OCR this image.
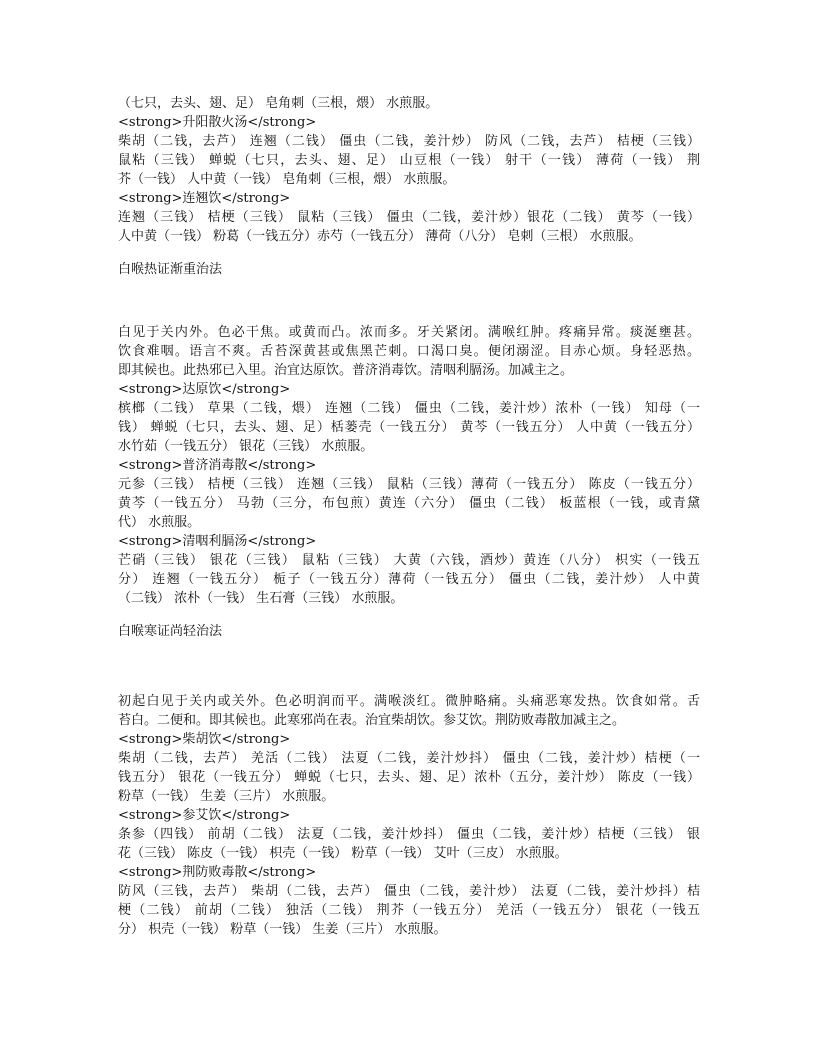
（七只，去头、翅、足） 皂角刺（三根，煨） 水煎服。
<strong>升阳散火汤</strong>
柴胡（二钱，去芦） 连翘（二钱） 僵虫（二钱，姜汁炒） 防风（二钱，去芦） 桔梗（三钱）
鼠粘（三钱） 蝉蜕（七只，去头、翅、足） 山豆根（一钱） 射干（一钱） 薄荷（一钱） 荆
芥（一钱） 人中黄（一钱） 皂角刺（三根，煨） 水煎服。
<strong>连翘饮</strong>
连翘（三钱） 桔梗（三钱） 鼠粘（三钱） 僵虫（二钱，姜汁炒）银花（二钱） 黄芩（一钱）
人中黄（一钱） 粉葛（一钱五分）赤芍（一钱五分） 薄荷（八分） 皂刺（三根） 水煎服。
白喉热证渐重治法
白见于关内外。色必干焦。或黄而凸。浓而多。牙关紧闭。满喉红肿。疼痛异常。痰涎壅甚。
饮食难咽。语言不爽。舌苔深黄甚或焦黑芒刺。口渴口臭。便闭溺涩。目赤心烦。身轻恶热。
即其候也。此热邪已入里。治宜达原饮。普济消毒饮。清咽利膈汤。加减主之。
<strong>达原饮</strong>
槟榔（二钱） 草果（二钱，煨） 连翘（二钱） 僵虫（二钱，姜汁炒）浓朴（一钱） 知母（一
钱） 蝉蜕（七只，去头、翅、足）栝蒌壳（一钱五分） 黄芩（一钱五分） 人中黄（一钱五分）
水竹茹（一钱五分） 银花（三钱） 水煎服。
<strong>普济消毒散</strong>
元参（三钱） 桔梗（三钱） 连翘（三钱） 鼠粘（三钱）薄荷（一钱五分） 陈皮（一钱五分）
黄芩（一钱五分） 马勃（三分，布包煎）黄连（六分） 僵虫（二钱） 板蓝根（一钱，或青黛
代） 水煎服。
<strong>清咽利膈汤</strong>
芒硝（三钱） 银花（三钱） 鼠粘（三钱） 大黄（六钱，酒炒）黄连（八分） 枳实（一钱五
分） 连翘（一钱五分） 栀子（一钱五分）薄荷（一钱五分） 僵虫（二钱，姜汁炒） 人中黄
（二钱） 浓朴（一钱） 生石膏（三钱） 水煎服。
白喉寒证尚轻治法
初起白见于关内或关外。色必明润而平。满喉淡红。微肿略痛。头痛恶寒发热。饮食如常。舌
苔白。二便和。即其候也。此寒邪尚在表。治宜柴胡饮。参艾饮。荆防败毒散加减主之。
<strong>柴胡饮</strong>
柴胡（二钱，去芦） 羌活（二钱） 法夏（二钱，姜汁炒抖） 僵虫（二钱，姜汁炒）桔梗（一
钱五分） 银花（一钱五分） 蝉蜕（七只，去头、翅、足）浓朴（五分，姜汁炒） 陈皮（一钱）
粉草（一钱） 生姜（三片） 水煎服。
<strong>参艾饮</strong>
条参（四钱） 前胡（二钱） 法夏（二钱，姜汁炒抖） 僵虫（二钱，姜汁炒）桔梗（三钱） 银
花（三钱） 陈皮（一钱） 枳壳（一钱） 粉草（一钱） 艾叶（三皮） 水煎服。
<strong>荆防败毒散</strong>
防风（三钱，去芦） 柴胡（二钱，去芦） 僵虫（二钱，姜汁炒） 法夏（二钱，姜汁炒抖）桔
梗（二钱） 前胡（二钱） 独活（二钱） 荆芥（一钱五分） 羌活（一钱五分） 银花（一钱五
分） 枳壳（一钱） 粉草（一钱） 生姜（三片） 水煎服。
